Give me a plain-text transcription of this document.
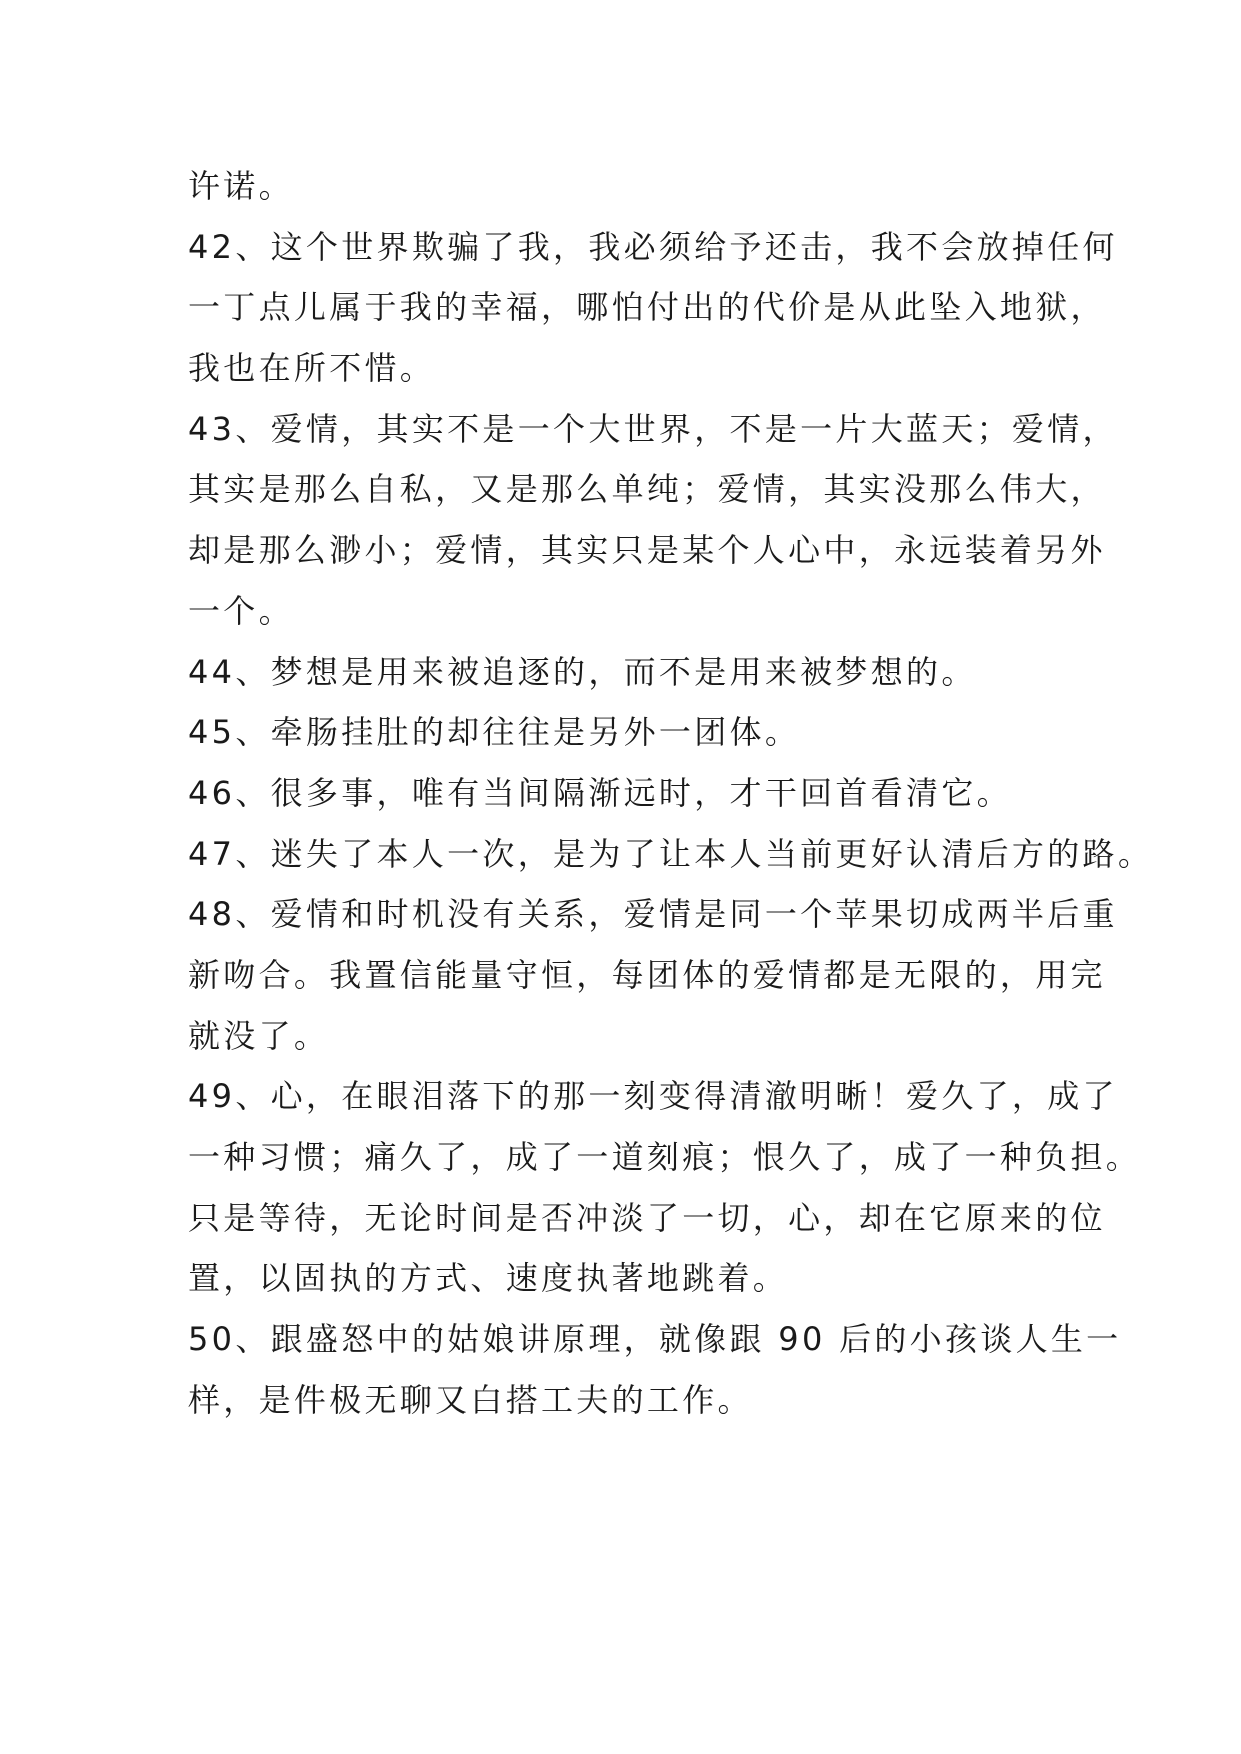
许诺。
42、这个世界欺骗了我，我必须给予还击，我不会放掉任何
一丁点儿属于我的幸福，哪怕付出的代价是从此坠入地狱，
我也在所不惜。
43、爱情，其实不是一个大世界，不是一片大蓝天；爱情，
其实是那么自私，又是那么单纯；爱情，其实没那么伟大，
却是那么渺小；爱情，其实只是某个人心中，永远装着另外
一个。
44、梦想是用来被追逐的，而不是用来被梦想的。
45、牵肠挂肚的却往往是另外一团体。
46、很多事，唯有当间隔渐远时，才干回首看清它。
47、迷失了本人一次，是为了让本人当前更好认清后方的路。
48、爱情和时机没有关系，爱情是同一个苹果切成两半后重
新吻合。我置信能量守恒，每团体的爱情都是无限的，用完
就没了。
49、心，在眼泪落下的那一刻变得清澈明晰！爱久了，成了
一种习惯；痛久了，成了一道刻痕；恨久了，成了一种负担。
只是等待，无论时间是否冲淡了一切，心，却在它原来的位
置，以固执的方式、速度执著地跳着。
50、跟盛怒中的姑娘讲原理，就像跟 90 后的小孩谈人生一
样，是件极无聊又白搭工夫的工作。
